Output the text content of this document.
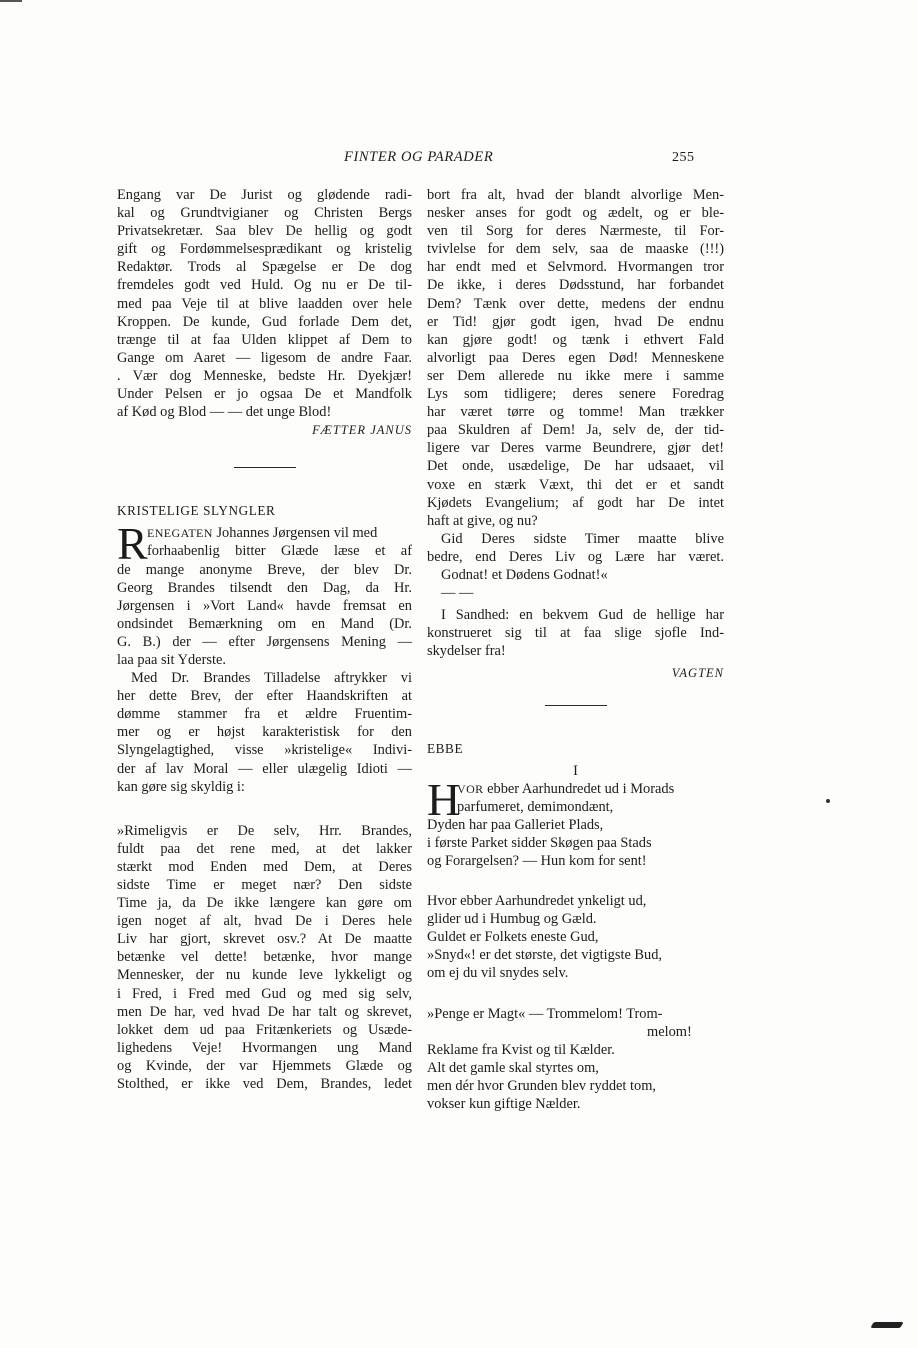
FINTER OG PARADER	255
Engang var De Jurist og glødende radi-
kal og Grundtvigianer og Christen Bergs
Privatsekretær. Saa blev De hellig og godt
gift og Fordømmelsesprædikant og kristelig
Redaktør. Trods al Spægelse er De dog
fremdeles godt ved Huld. Og nu er De til-
med paa Veje til at blive laadden over hele
Kroppen. De kunde, Gud forlade Dem det,
trænge til at faa Ulden klippet af Dem to
Gange om Aaret — ligesom de andre Faar.
. Vær dog Menneske, bedste Hr. Dyekjær!
Under Pelsen er jo ogsaa De et Mandfolk
af Kød og Blod — — det unge Blod!
FÆTTER JANUS
KRISTELIGE SLYNGLER
R ENEGATEN Johannes Jørgensen vil med
forhaabenlig bitter Glæde læse et af
de mange anonyme Breve, der blev Dr.
Georg Brandes tilsendt den Dag, da Hr.
Jørgensen i »Vort Land« havde fremsat en
ondsindet Bemærkning om en Mand (Dr.
G. B.) der — efter Jørgensens Mening —
laa paa sit Yderste.
Med Dr. Brandes Tilladelse aftrykker vi
her dette Brev, der efter Haandskriften at
dømme stammer fra et ældre Fruentim-
mer og er højst karakteristisk for den
Slyngelagtighed, visse »kristelige« Indivi-
der af lav Moral — eller ulægelig Idioti —
kan gøre sig skyldig i:
»Rimeligvis er De selv, Hrr. Brandes,
fuldt paa det rene med, at det lakker
stærkt mod Enden med Dem, at Deres
sidste Time er meget nær? Den sidste
Time ja, da De ikke længere kan gøre om
igen noget af alt, hvad De i Deres hele
Liv har gjort, skrevet osv.? At De maatte
betænke vel dette! betænke, hvor mange
Mennesker, der nu kunde leve lykkeligt og
i Fred, i Fred med Gud og med sig selv,
men De har, ved hvad De har talt og skrevet,
lokket dem ud paa Fritænkeriets og Usæde-
lighedens Veje! Hvormangen ung Mand
og Kvinde, der var Hjemmets Glæde og
Stolthed, er ikke ved Dem, Brandes, ledet
bort fra alt, hvad der blandt alvorlige Men-
nesker anses for godt og ædelt, og er ble-
ven til Sorg for deres Nærmeste, til For-
tvivlelse for dem selv, saa de maaske (!!!)
har endt med et Selvmord. Hvormangen tror
De ikke, i deres Dødsstund, har forbandet
Dem? Tænk over dette, medens der endnu
er Tid! gjør godt igen, hvad De endnu
kan gjøre godt! og tænk i ethvert Fald
alvorligt paa Deres egen Død! Menneskene
ser Dem allerede nu ikke mere i samme
Lys som tidligere; deres senere Foredrag
har været tørre og tomme! Man trækker
paa Skuldren af Dem! Ja, selv de, der tid-
ligere var Deres varme Beundrere, gjør det!
Det onde, usædelige, De har udsaaet, vil
voxe en stærk Væxt, thi det er et sandt
Kjødets Evangelium; af godt har De intet
haft at give, og nu?
Gid Deres sidste Timer maatte blive
bedre, end Deres Liv og Lære har været.
Godnat! et Dødens Godnat!«
— —
I Sandhed: en bekvem Gud de hellige har
konstrueret sig til at faa slige sjofle Ind-
skydelser fra!
VAGTEN
EBBE
I
H
VOR ebber Aarhundredet ud i Morads
parfumeret, demimondænt,
Dyden har paa Galleriet Plads,
i første Parket sidder Skøgen paa Stads
og Forargelsen? — Hun kom for sent!
Hvor ebber Aarhundredet ynkeligt ud,
glider ud i Humbug og Gæld.
Guldet er Folkets eneste Gud,
»Snyd«! er det største, det vigtigste Bud,
om ej du vil snydes selv.
»Penge er Magt« — Trommelom! Trom-
melom!
Reklame fra Kvist og til Kælder.
Alt det gamle skal styrtes om,
men dér hvor Grunden blev ryddet tom,
vokser kun giftige Nælder.
